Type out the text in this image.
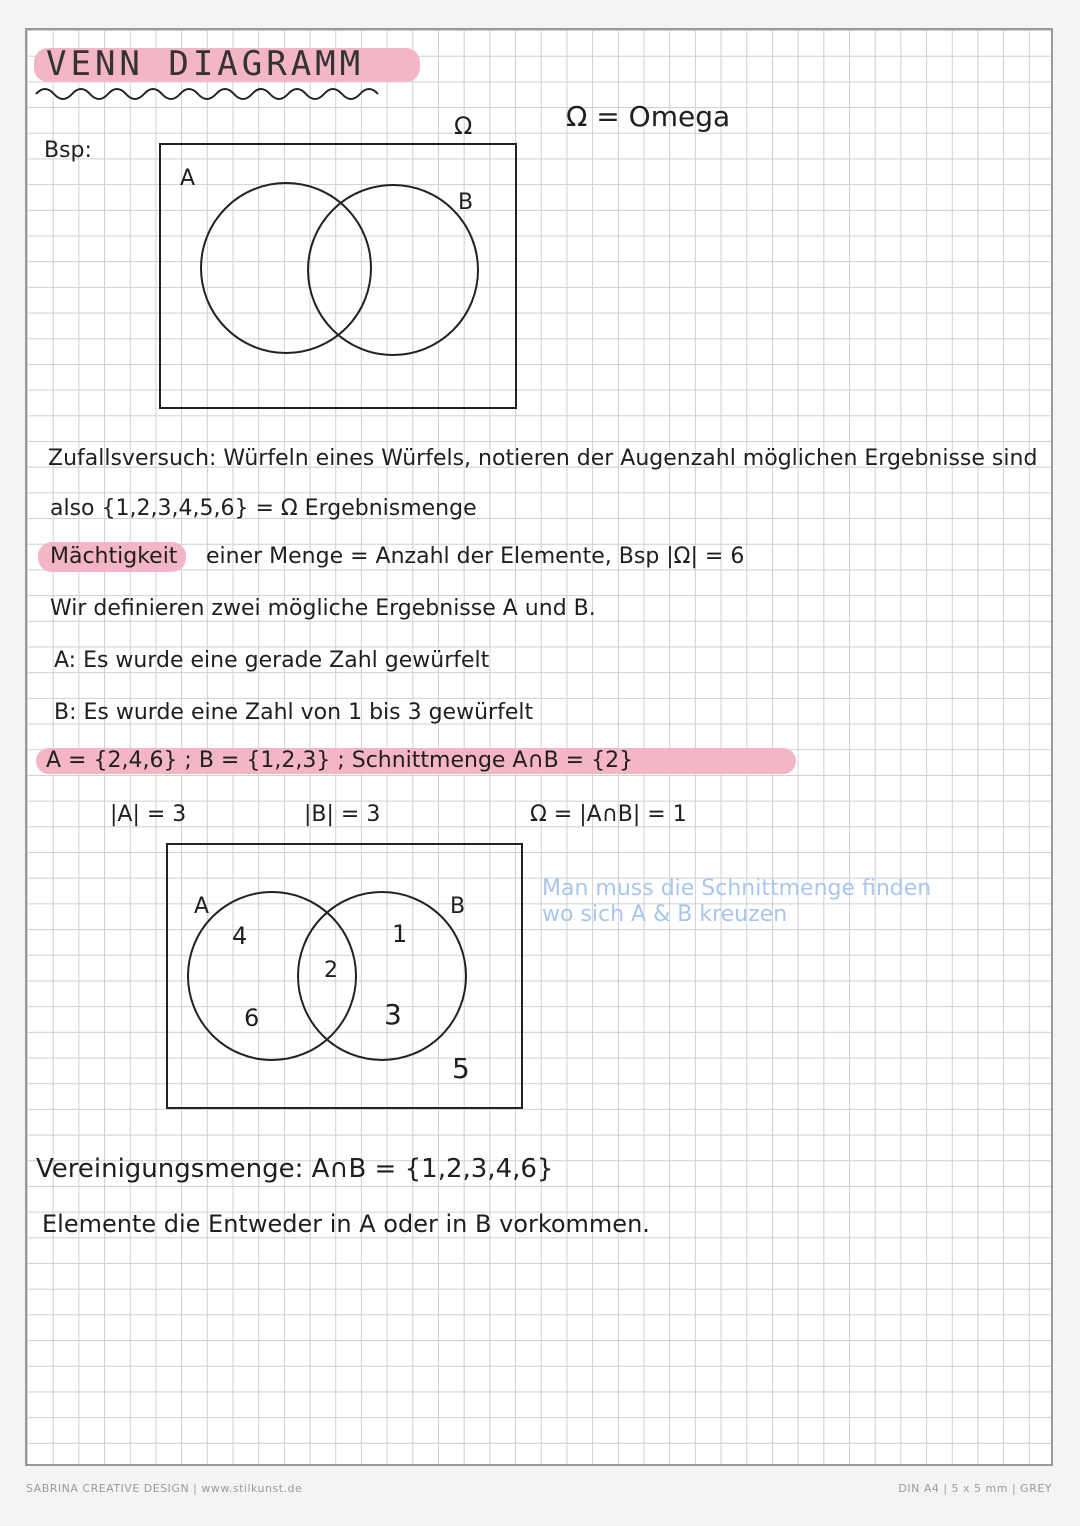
VENN DIAGRAMM
Bsp:
Ω = Omega
Ω
A
B
Zufallsversuch: Würfeln eines Würfels, notieren der Augenzahl möglichen Ergebnisse sind
also {1,2,3,4,5,6} = Ω Ergebnismenge
Mächtigkeit einer Menge = Anzahl der Elemente, Bsp |Ω| = 6
Wir definieren zwei mögliche Ergebnisse A und B.
A: Es wurde eine gerade Zahl gewürfelt
B: Es wurde eine Zahl von 1 bis 3 gewürfelt
A = {2,4,6} ; B = {1,2,3} ; Schnittmenge A∩B = {2}
|A| = 3	|B| = 3	Ω = |A∩B| = 1
A	B
4
6
2
1
3
5
Man muss die Schnittmenge finden
wo sich A & B kreuzen
Vereinigungsmenge: A∩B = {1,2,3,4,6}
Elemente die Entweder in A oder in B vorkommen.
SABRINA CREATIVE DESIGN | www.stilkunst.de	DIN A4 | 5 x 5 mm | GREY
